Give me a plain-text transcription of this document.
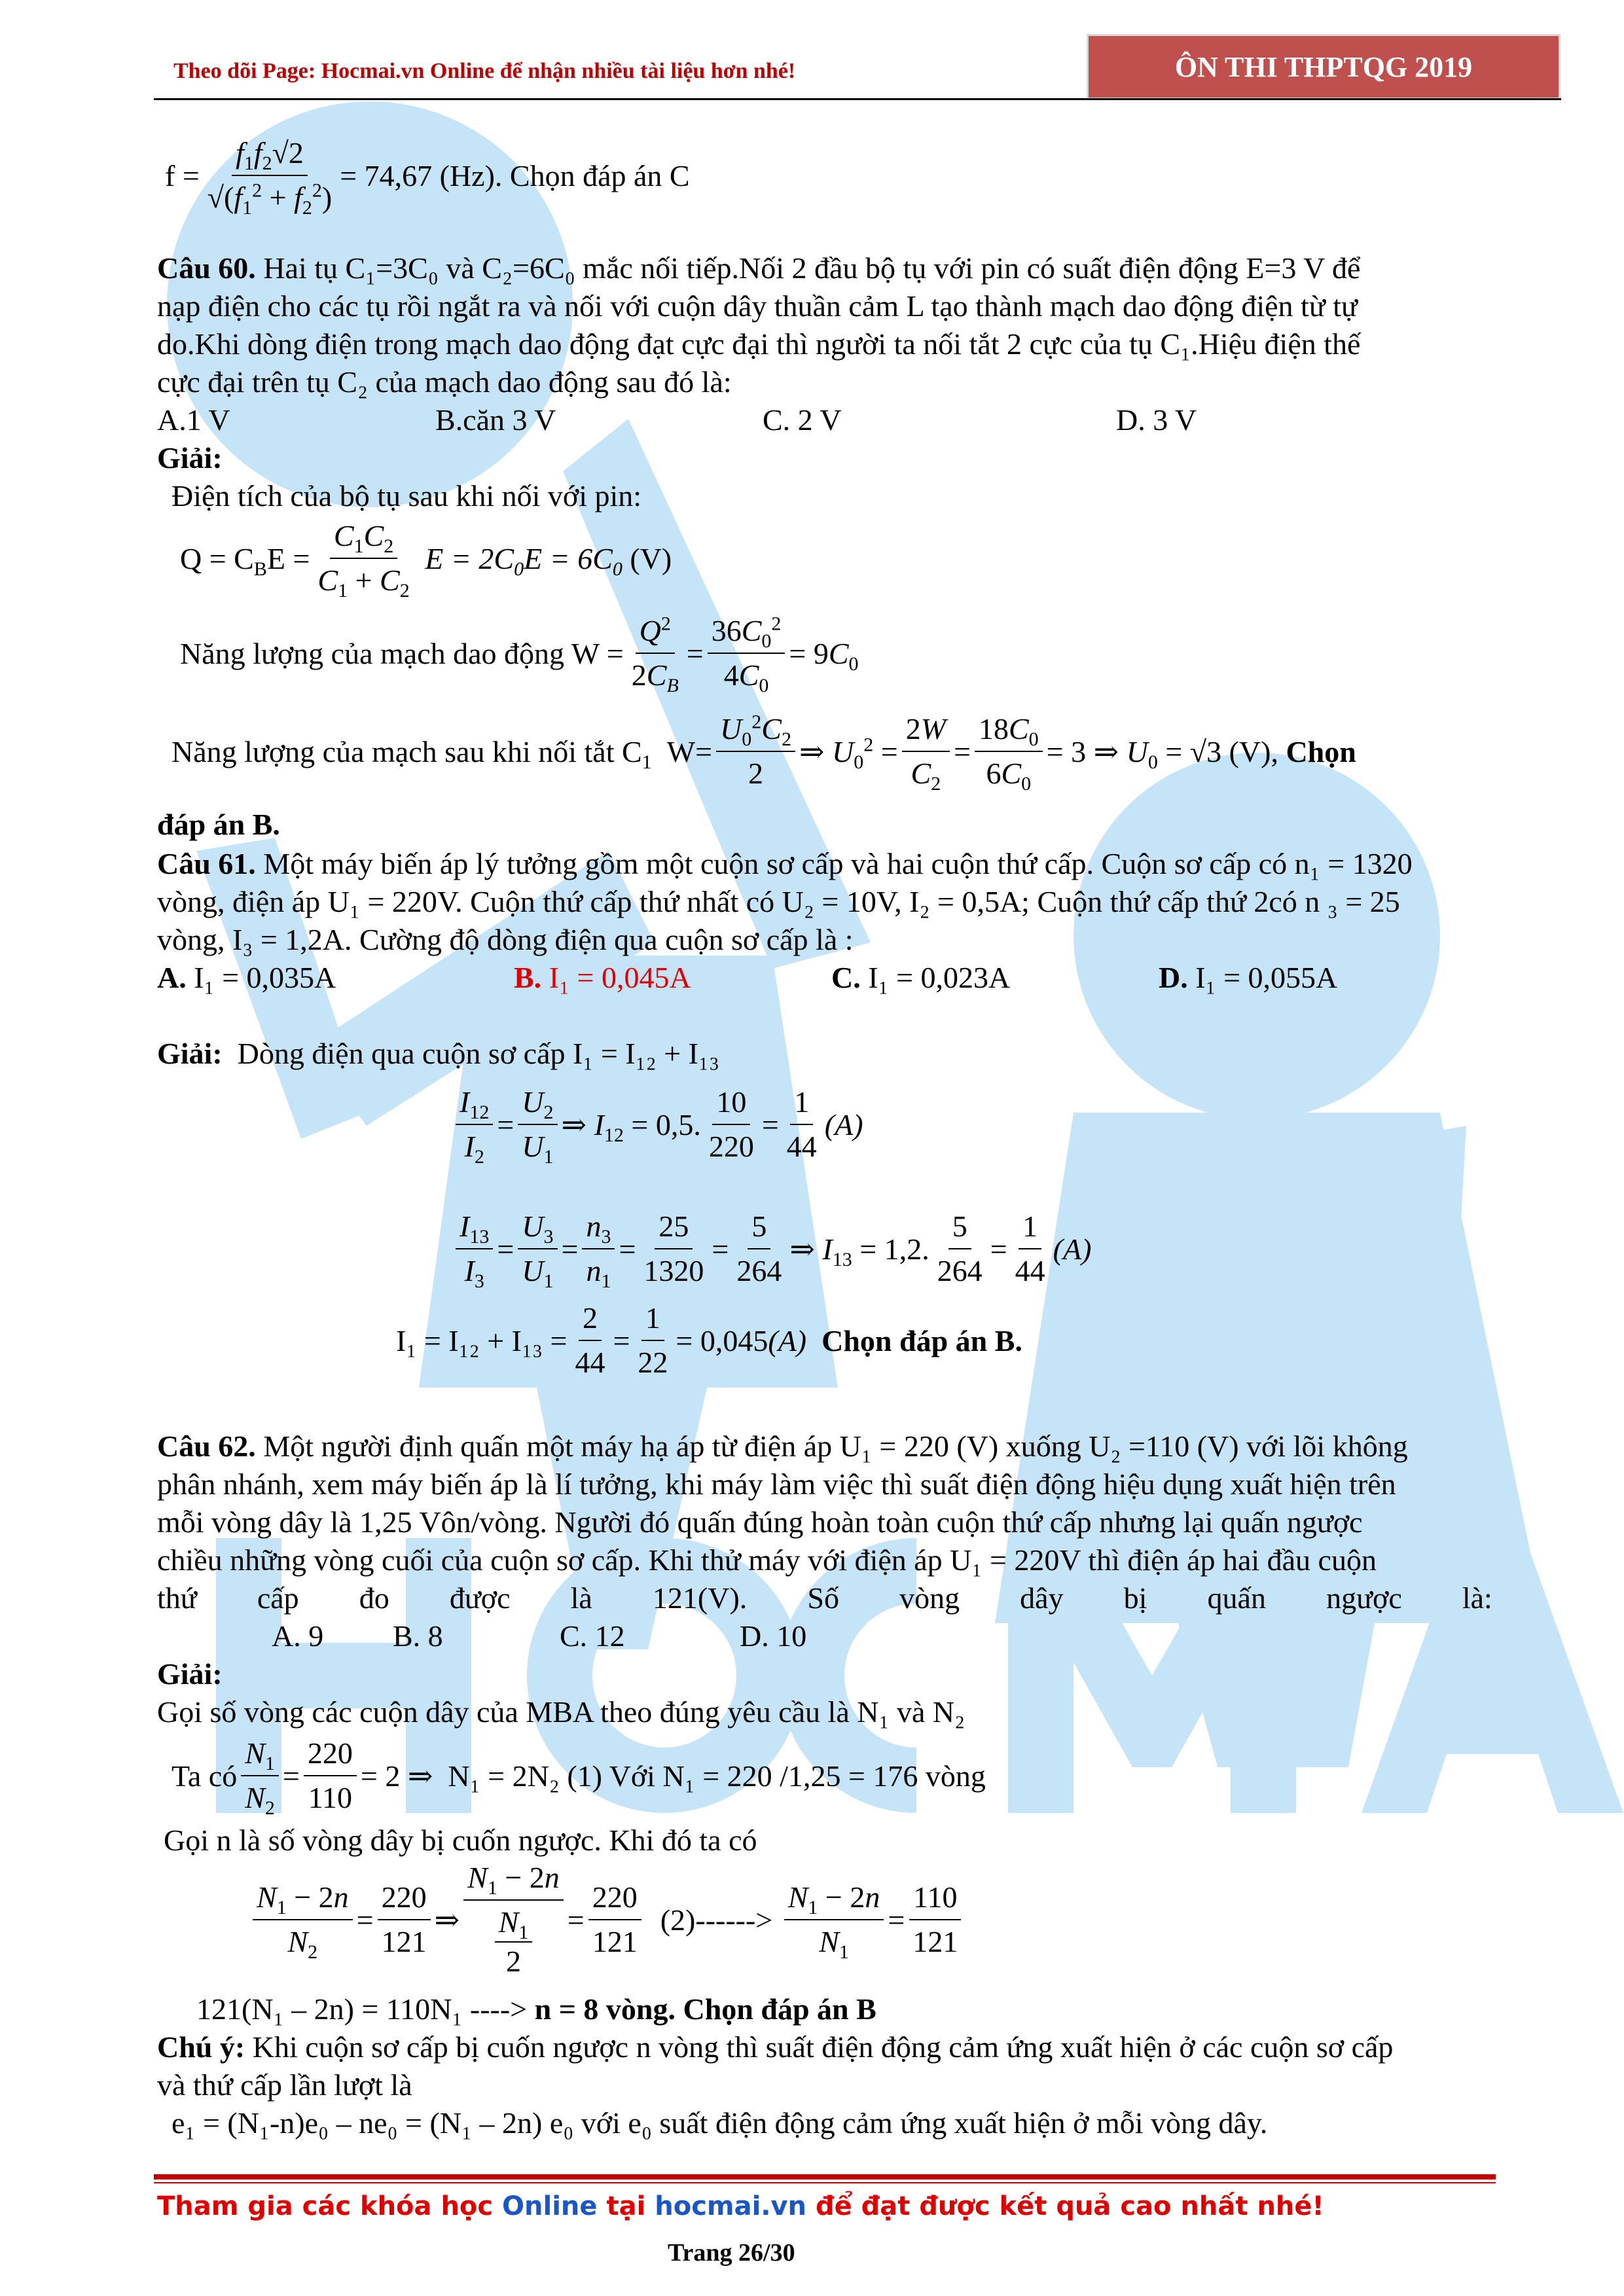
Theo dõi Page: Hocmai.vn Online để nhận nhiều tài liệu hơn nhé!	ÔN THI THPTQG 2019
$f = \frac{f_1f_2√2}{√(f_1^2 + f_2^2)} = 74,67$ (Hz). Chọn đáp án C
Câu 60. Hai tụ C₁=3C₀ và C₂=6C₀ mắc nối tiếp.Nối 2 đầu bộ tụ với pin có suất điện động E=3 V để
nạp điện cho các tụ rồi ngắt ra và nối với cuộn dây thuần cảm L tạo thành mạch dao động điện từ tự
do.Khi dòng điện trong mạch dao động đạt cực đại thì người ta nối tắt 2 cực của tụ C₁.Hiệu điện thế
cực đại trên tụ C₂ của mạch dao động sau đó là:
A.1 V	B.căn 3 V	C. 2 V	D. 3 V
Giải:
Điện tích của bộ tụ sau khi nối với pin:
$Q = C_BE = \frac{C_1C_2}{C_1 + C_2}$ $E = 2C_0E = 6C_0$ (V)
Năng lượng của mạch dao động $W = \frac{Q^2}{2C_B} = \frac{36C_0^2}{4C_0} = 9C_0$
Năng lượng của mạch sau khi nối tắt $C_1$ $W= \frac{U_0^2C_2}{2}$ ⇒ $U_0^2 = \frac{2W}{C_2} = \frac{18C_0}{6C_0} = 3$ ⇒ $U_0 = √3$ (V),
Chọn
đáp án B.
Câu 61. Một máy biến áp lý tưởng gồm một cuộn sơ cấp và hai cuộn thứ cấp. Cuộn sơ cấp có n₁ = 1320
vòng, điện áp U₁ = 220V. Cuộn thứ cấp thứ nhất có U₂ = 10V, I₂ = 0,5A; Cuộn thứ cấp thứ 2có n ₃ = 25
vòng, I₃ = 1,2A. Cường độ dòng điện qua cuộn sơ cấp là :
A. I₁ = 0,035A	B. I₁ = 0,045A	C. I₁ = 0,023A	D. I₁ = 0,055A
Giải: Dòng điện qua cuộn sơ cấp I₁ = I₁₂ + I₁₃
$\frac{I_{12}}{I_2} = \frac{U_2}{U_1}$ ⇒ $I_{12} = 0,5$. $\frac{10}{220} = \frac{1}{44} (A)$
$\frac{I_{13}}{I_3} = \frac{U_3}{U_1} = \frac{n_3}{n_1} = \frac{25}{1320} = \frac{5}{264}$ ⇒ $I_{13} = 1,2$. $\frac{5}{264} = \frac{1}{44} (A)$
$I_1 = I_{12} + I_{13} = \frac{2}{44} = \frac{1}{22} = 0,045(A)$ Chọn đáp án B.
Câu 62. Một người định quấn một máy hạ áp từ điện áp U₁ = 220 (V) xuống U₂ =110 (V) với lõi không
phân nhánh, xem máy biến áp là lí tưởng, khi máy làm việc thì suất điện động hiệu dụng xuất hiện trên
mỗi vòng dây là 1,25 Vôn/vòng. Người đó quấn đúng hoàn toàn cuộn thứ cấp nhưng lại quấn ngược
chiều những vòng cuối của cuộn sơ cấp. Khi thử máy với điện áp U₁ = 220V thì điện áp hai đầu cuộn
thứ cấp đo được là 121(V). Số vòng dây bị quấn ngược là:
A. 9 B. 8	C. 12	D. 10
Giải:
Gọi số vòng các cuộn dây của MBA theo đúng yêu cầu là N₁ và N₂
Ta có $\frac{N_1}{N_2} = \frac{220}{110} = 2$ ⇒ N₁ = 2N₂ (1) Với N₁ = 220 /1,25 = 176 vòng
Gọi n là số vòng dây bị cuốn ngược. Khi đó ta có
$\frac{N_1 - 2n}{N_2} = \frac{220}{121}$ ⇒ $N_1 - 2n$
$N_1$
$2 = \frac{220}{121}$
(2)------>
$\frac{N_1 - 2n}{N_1} = \frac{110}{121}$
121(N₁ – 2n) = 110N₁ ----> n = 8 vòng. Chọn đáp án B
Chú ý: Khi cuộn sơ cấp bị cuốn ngược n vòng thì suất điện động cảm ứng xuất hiện ở các cuộn sơ cấp
và thứ cấp lần lượt là
e₁ = (N₁-n)e₀ – ne₀ = (N₁ – 2n) e₀ với e₀ suất điện động cảm ứng xuất hiện ở mỗi vòng dây.
Tham gia các khóa học Online tại hocmai.vn để đạt được kết quả cao nhất nhé!
Trang 26/30
